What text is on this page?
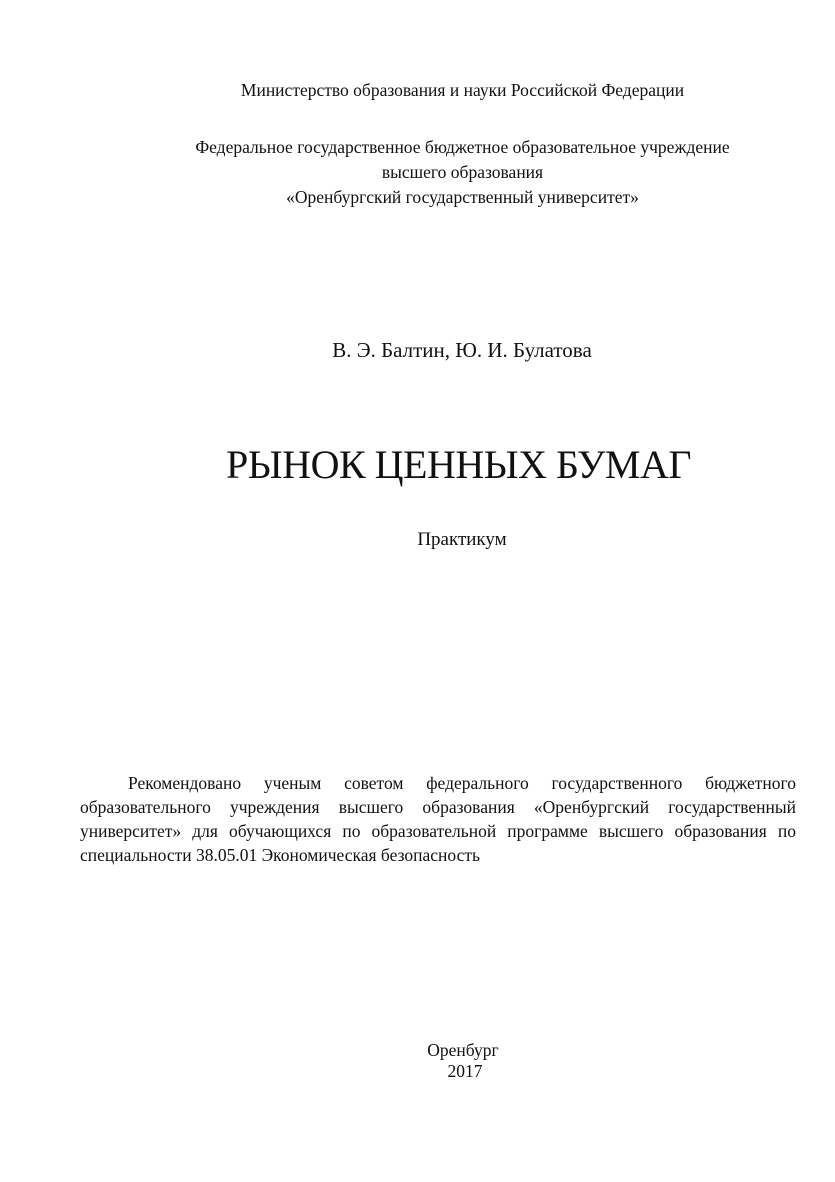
Министерство образования и науки Российской Федерации
Федеральное государственное бюджетное образовательное учреждение
высшего образования
«Оренбургский государственный университет»
В. Э. Балтин, Ю. И. Булатова
РЫНОК ЦЕННЫХ БУМАГ
Практикум

Рекомендовано ученым советом федерального государственного бюджетного образовательного учреждения высшего образования «Оренбургский государственный университет» для обучающихся по образовательной программе высшего образования по специальности 38.05.01 Экономическая безопасность

Оренбург
2017
